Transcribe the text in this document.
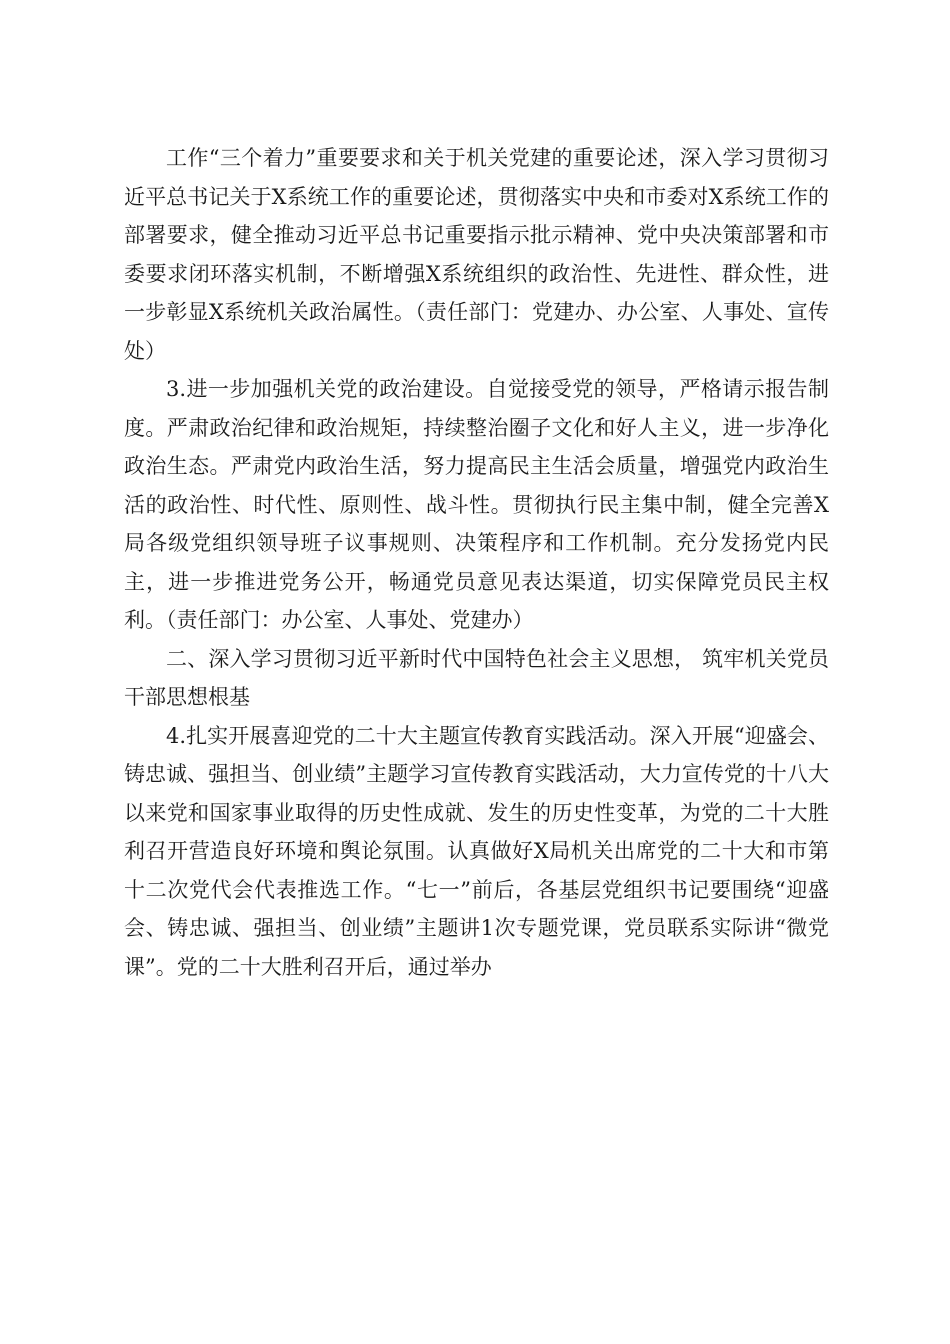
工作“三个着力”重要要求和关于机关党建的重要论述，深入学习贯彻习近平总书记关于X系统工作的重要论述，贯彻落实中央和市委对X系统工作的部署要求，健全推动习近平总书记重要指示批示精神、党中央决策部署和市委要求闭环落实机制，不断增强X系统组织的政治性、先进性、群众性，进一步彰显X系统机关政治属性。（责任部门：党建办、办公室、人事处、宣传处）

3.进一步加强机关党的政治建设。自觉接受党的领导，严格请示报告制度。严肃政治纪律和政治规矩，持续整治圈子文化和好人主义，进一步净化政治生态。严肃党内政治生活，努力提高民主生活会质量，增强党内政治生活的政治性、时代性、原则性、战斗性。贯彻执行民主集中制，健全完善X局各级党组织领导班子议事规则、决策程序和工作机制。充分发扬党内民主，进一步推进党务公开，畅通党员意见表达渠道，切实保障党员民主权利。（责任部门：办公室、人事处、党建办）

二、深入学习贯彻习近平新时代中国特色社会主义思想， 筑牢机关党员干部思想根基

4.扎实开展喜迎党的二十大主题宣传教育实践活动。深入开展“迎盛会、铸忠诚、强担当、创业绩”主题学习宣传教育实践活动，大力宣传党的十八大以来党和国家事业取得的历史性成就、发生的历史性变革，为党的二十大胜利召开营造良好环境和舆论氛围。认真做好X局机关出席党的二十大和市第十二次党代会代表推选工作。“七一”前后，各基层党组织书记要围绕“迎盛会、铸忠诚、强担当、创业绩”主题讲1次专题党课，党员联系实际讲“微党课”。党的二十大胜利召开后，通过举办
